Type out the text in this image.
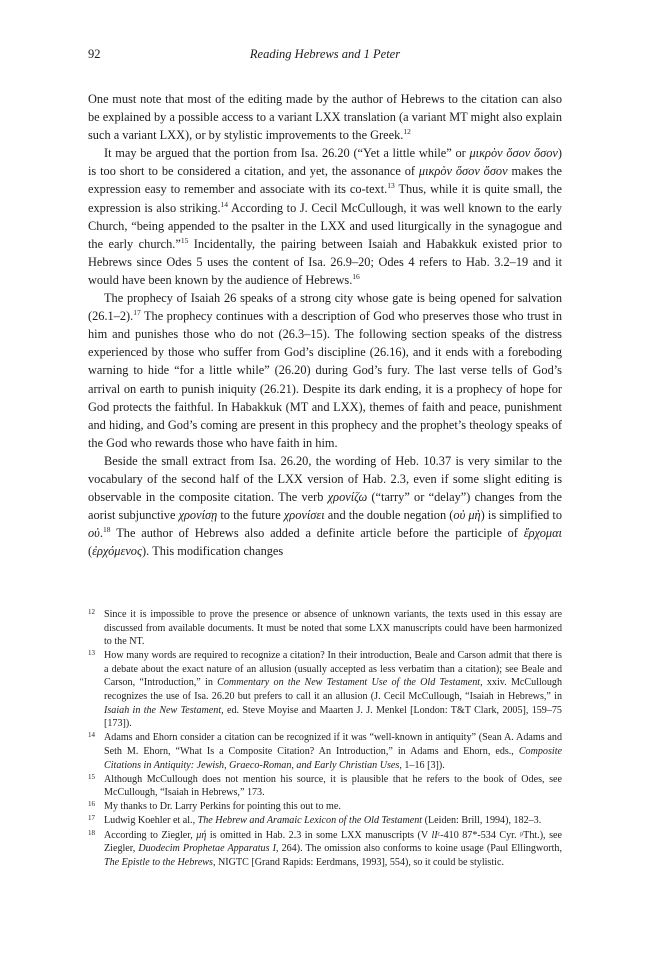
92	Reading Hebrews and 1 Peter

One must note that most of the editing made by the author of Hebrews to the citation can also be explained by a possible access to a variant LXX translation (a variant MT might also explain such a variant LXX), or by stylistic improvements to the Greek.$^{12}$

It may be argued that the portion from Isa. 26.20 (“Yet a little while” or μικρὸν ὅσον ὅσον) is too short to be considered a citation, and yet, the assonance of μικρὸν ὅσον ὅσον makes the expression easy to remember and associate with its co-text.$^{13}$ Thus, while it is quite small, the expression is also striking.$^{14}$ According to J. Cecil McCullough, it was well known to the early Church, “being appended to the psalter in the LXX and used liturgically in the synagogue and the early church.”$^{15}$ Incidentally, the pairing between Isaiah and Habakkuk existed prior to Hebrews since Odes 5 uses the content of Isa. 26.9–20; Odes 4 refers to Hab. 3.2–19 and it would have been known by the audience of Hebrews.$^{16}$

The prophecy of Isaiah 26 speaks of a strong city whose gate is being opened for salvation (26.1–2).$^{17}$ The prophecy continues with a description of God who preserves those who trust in him and punishes those who do not (26.3–15). The following section speaks of the distress experienced by those who suffer from God’s discipline (26.16), and it ends with a foreboding warning to hide “for a little while” (26.20) during God’s fury. The last verse tells of God’s arrival on earth to punish iniquity (26.21). Despite its dark ending, it is a prophecy of hope for God protects the faithful. In Habakkuk (MT and LXX), themes of faith and peace, punishment and hiding, and God’s coming are present in this prophecy and the prophet’s theology speaks of the God who rewards those who have faith in him.

Beside the small extract from Isa. 26.20, the wording of Heb. 10.37 is very similar to the vocabulary of the second half of the LXX version of Hab. 2.3, even if some slight editing is observable in the composite citation. The verb χρονίζω (“tarry” or “delay”) changes from the aorist subjunctive χρονίσῃ to the future χρονίσει and the double negation (οὐ μὴ) is simplified to οὐ.$^{18}$ The author of Hebrews also added a definite article before the participle of ἔρχομαι (ἐρχόμενος). This modification changes

12 Since it is impossible to prove the presence or absence of unknown variants, the texts used in this essay are discussed from available documents. It must be noted that some LXX manuscripts could have been harmonized to the NT.
13 How many words are required to recognize a citation? In their introduction, Beale and Carson admit that there is a debate about the exact nature of an allusion (usually accepted as less verbatim than a citation); see Beale and Carson, “Introduction,” in Commentary on the New Testament Use of the Old Testament, xxiv. McCullough recognizes the use of Isa. 26.20 but prefers to call it an allusion (J. Cecil McCullough, “Isaiah in Hebrews,” in Isaiah in the New Testament, ed. Steve Moyise and Maarten J. J. Menkel [London: T&T Clark, 2005], 159–75 [173]).
14 Adams and Ehorn consider a citation can be recognized if it was “well-known in antiquity” (Sean A. Adams and Seth M. Ehorn, “What Is a Composite Citation? An Introduction,” in Adams and Ehorn, eds., Composite Citations in Antiquity: Jewish, Graeco-Roman, and Early Christian Uses, 1–16 [3]).
15 Although McCullough does not mention his source, it is plausible that he refers to the book of Odes, see McCullough, “Isaiah in Hebrews,” 173.
16 My thanks to Dr. Larry Perkins for pointing this out to me.
17 Ludwig Koehler et al., The Hebrew and Aramaic Lexicon of the Old Testament (Leiden: Brill, 1994), 182–3.
18 According to Ziegler, μή is omitted in Hab. 2.3 in some LXX manuscripts (V lIᶜ-410 87*-534 Cyr. ᵖTht.), see Ziegler, Duodecim Prophetae Apparatus I, 264). The omission also conforms to koine usage (Paul Ellingworth, The Epistle to the Hebrews, NIGTC [Grand Rapids: Eerdmans, 1993], 554), so it could be stylistic.
